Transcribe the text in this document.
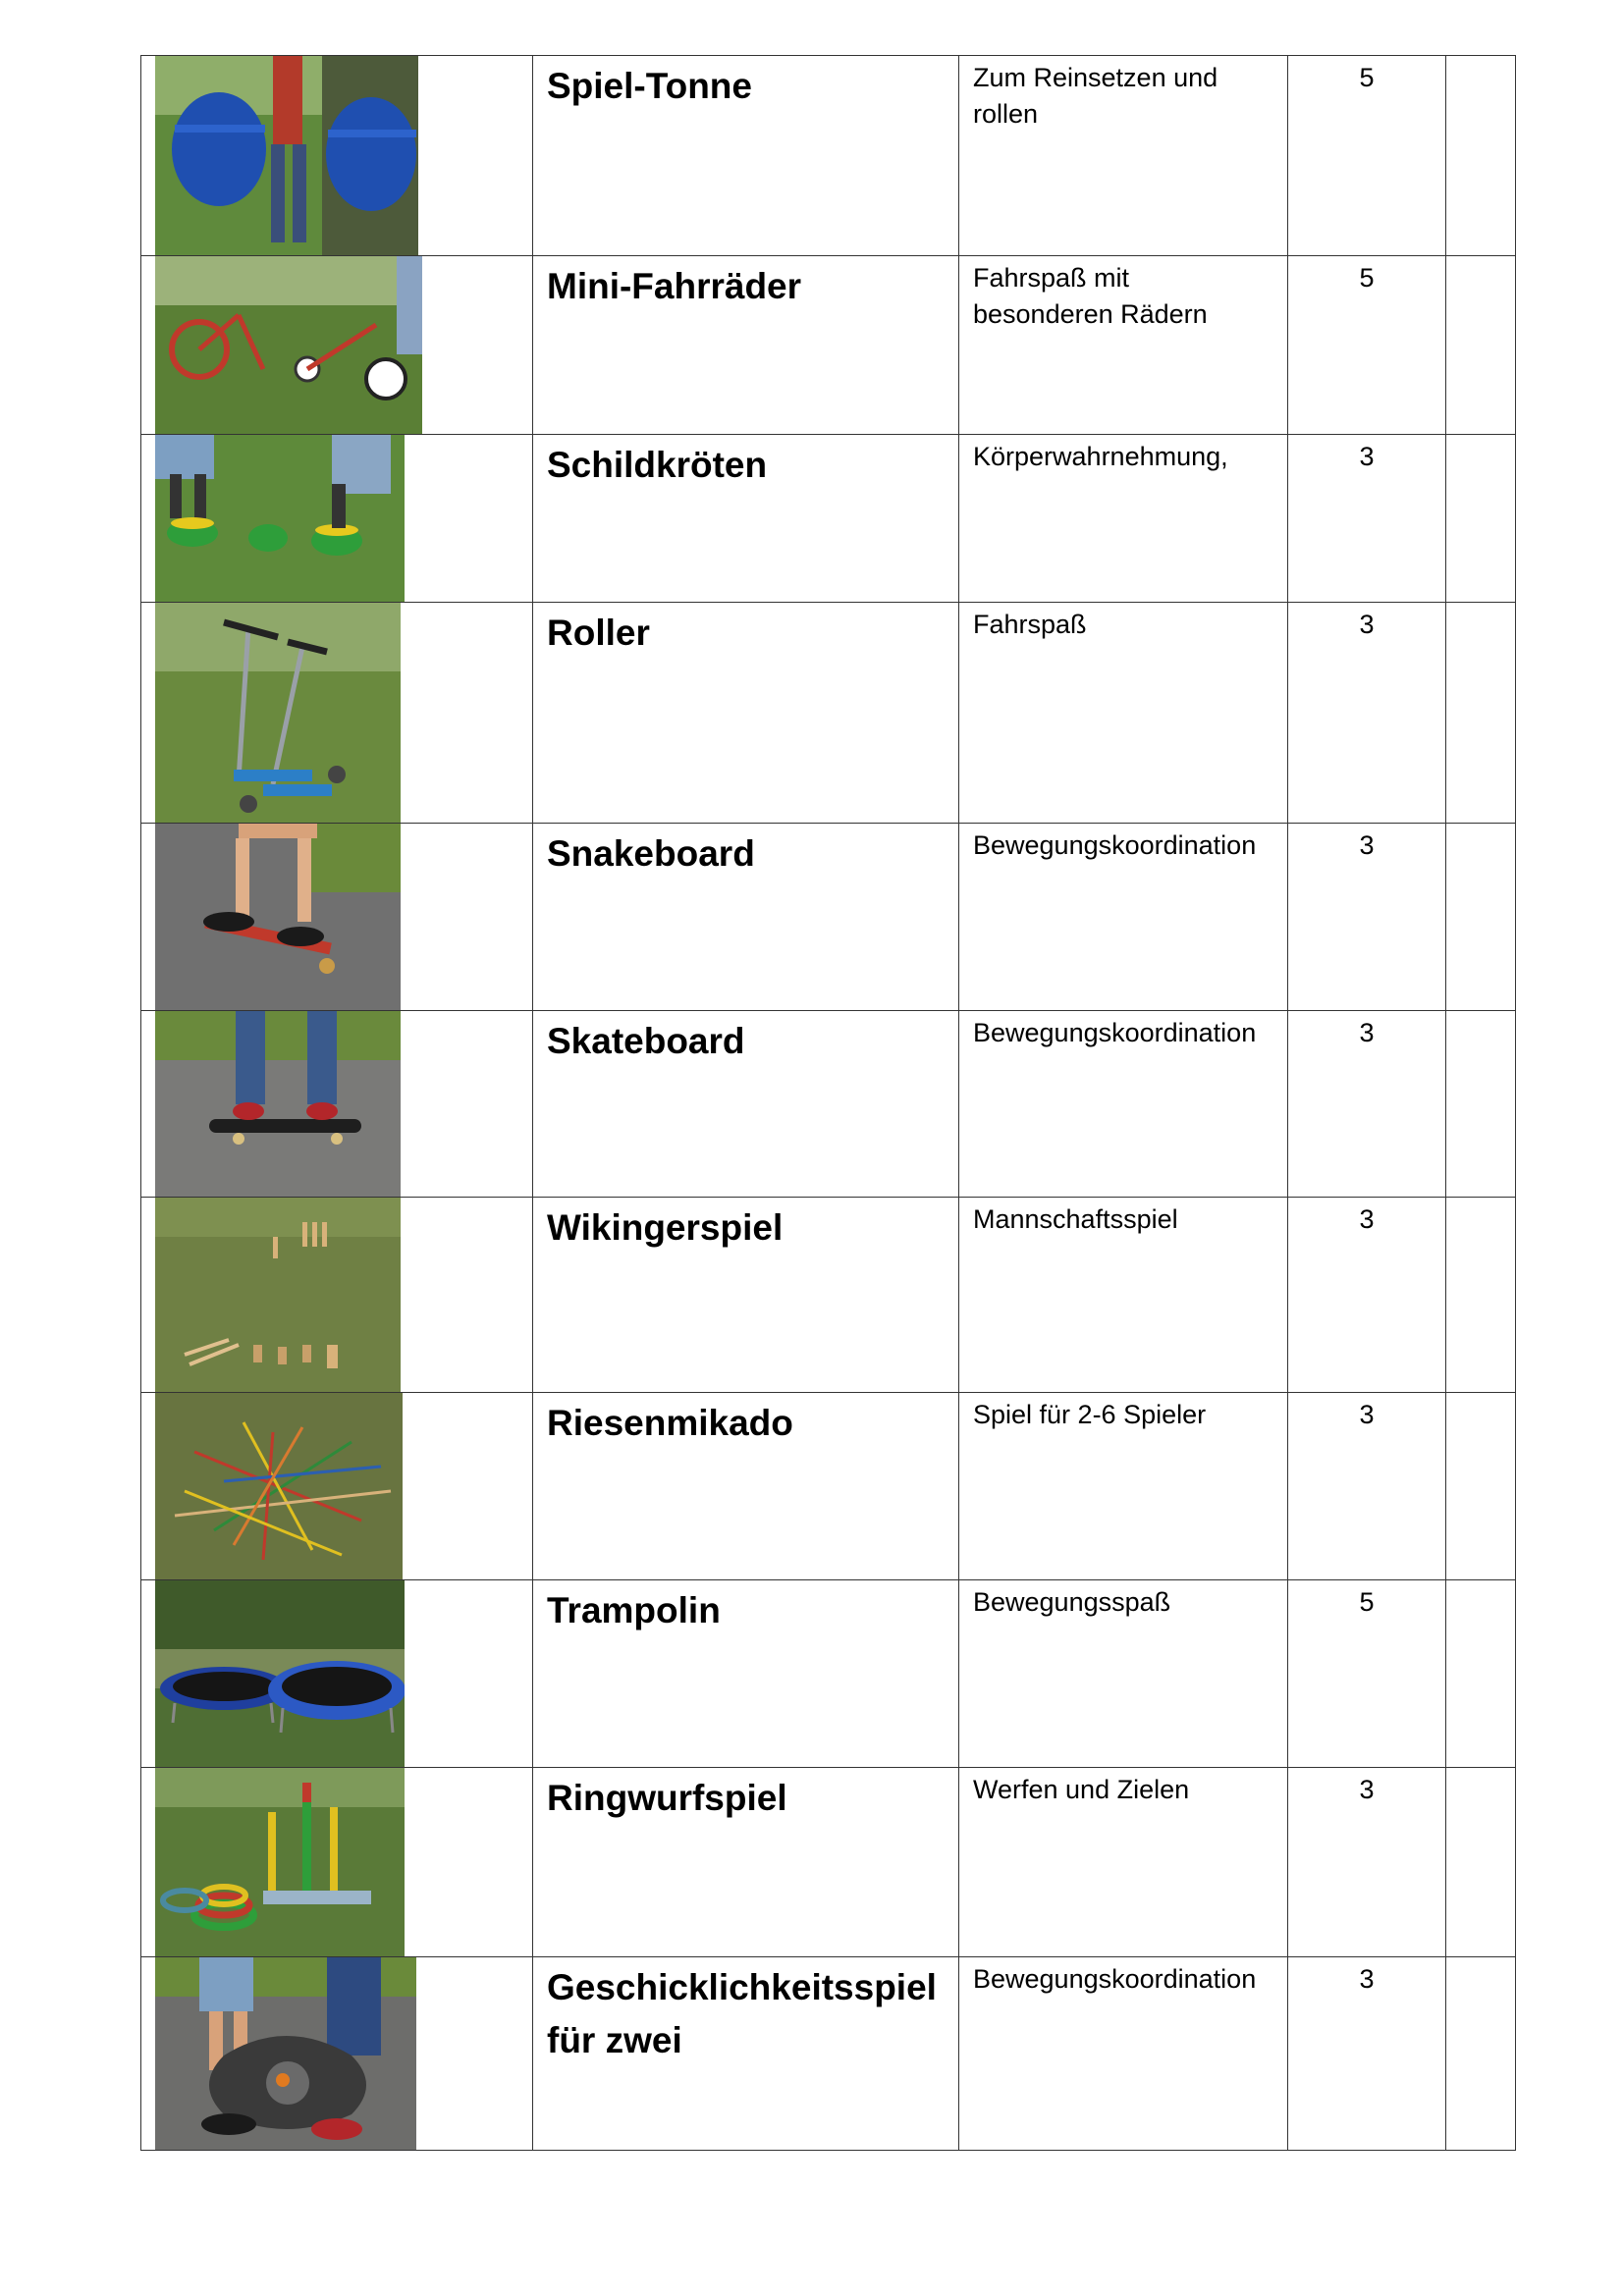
Spiel-Tonne	Zum Reinsetzen und rollen	5	

Mini-Fahrräder	Fahrspaß mit besonderen Rädern	5	

Schildkröten	Körperwahrnehmung,	3	

Roller	Fahrspaß	3	

Snakeboard	Bewegungskoordination	3	

Skateboard	Bewegungskoordination	3	

Wikingerspiel	Mannschaftsspiel	3	

Riesenmikado	Spiel für 2-6 Spieler	3	

Trampolin	Bewegungsspaß	5	

Ringwurfspiel	Werfen und Zielen	3	

Geschicklichkeitsspiel für zwei	Bewegungskoordination	3	
